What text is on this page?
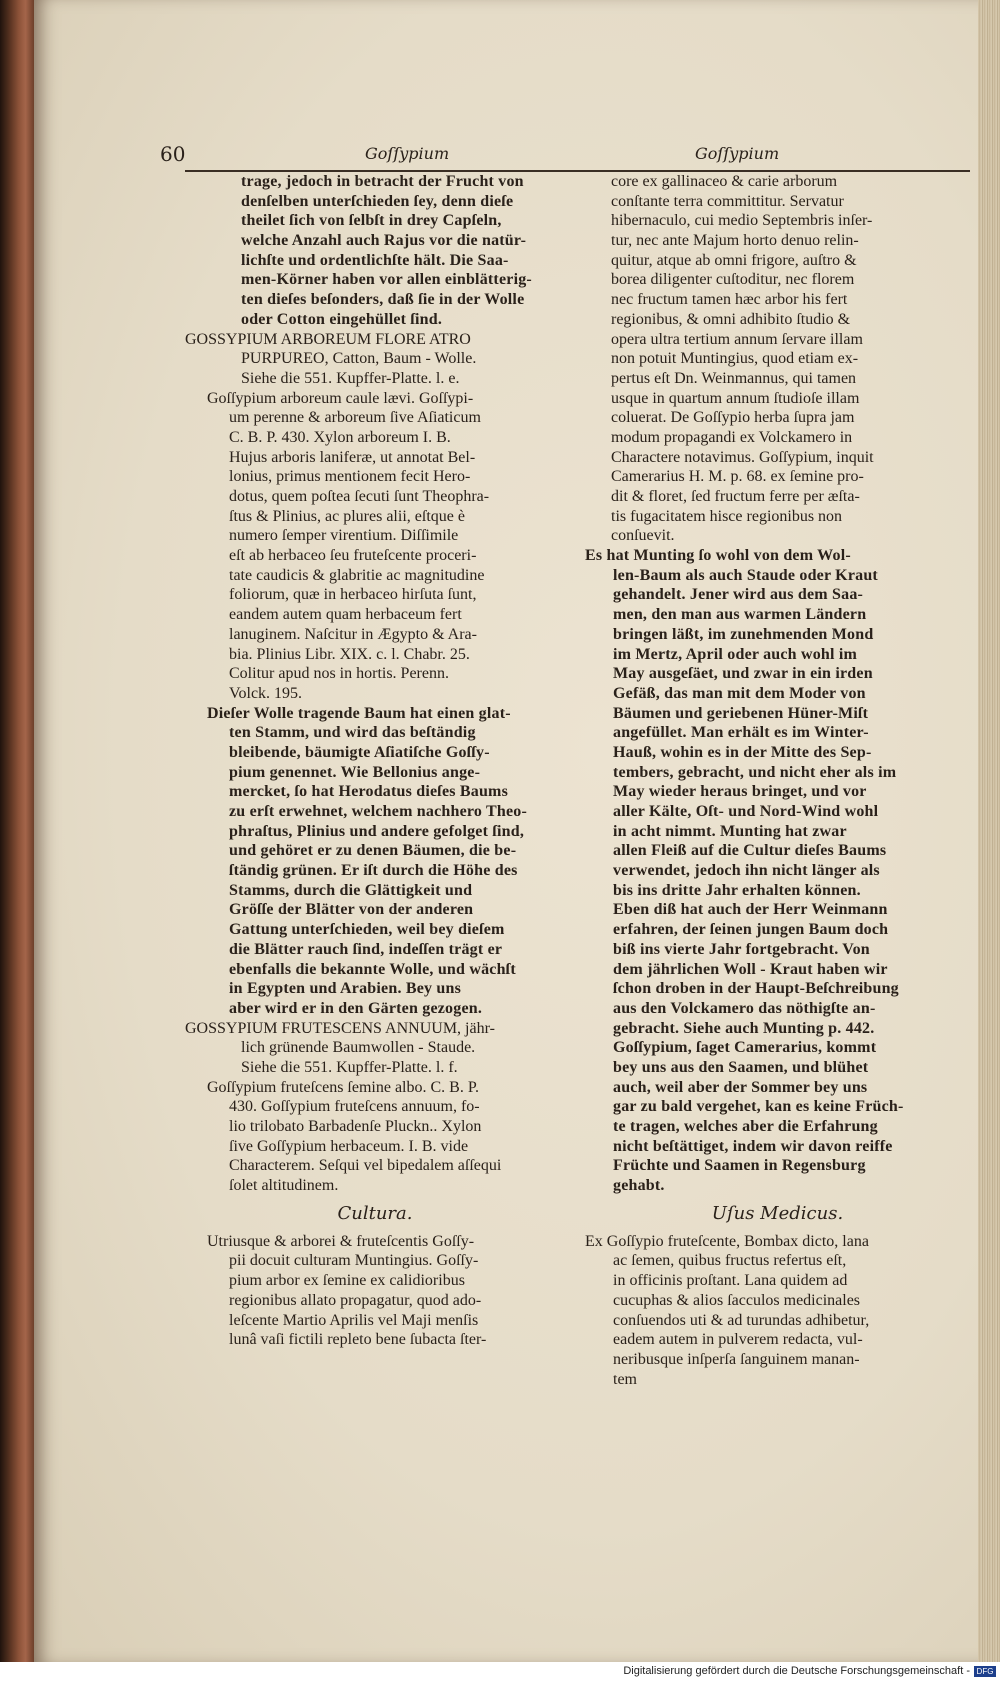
60	Goſſypium	Goſſypium
trage, jedoch in betracht der Frucht von
denſelben unterſchieden ſey, denn dieſe
theilet ſich von ſelbſt in drey Capſeln,
welche Anzahl auch Rajus vor die natür-
lichſte und ordentlichſte hält. Die Saa-
men-Körner haben vor allen einblätterig-
ten dieſes beſonders, daß ſie in der Wolle
oder Cotton eingehüllet ſind.
GOSSYPIUM ARBOREUM FLORE ATRO
PURPUREO, Catton, Baum - Wolle.
Siehe die 551. Kupffer-Platte. l. e.
Goſſypium arboreum caule lævi. Goſſypi-
um perenne & arboreum ſive Aſiaticum
C. B. P. 430. Xylon arboreum I. B.
Hujus arboris laniferæ, ut annotat Bel-
lonius, primus mentionem fecit Hero-
dotus, quem poſtea ſecuti ſunt Theophra-
ſtus & Plinius, ac plures alii, eſtque è
numero ſemper virentium. Diſſimile
eſt ab herbaceo ſeu fruteſcente proceri-
tate caudicis & glabritie ac magnitudine
foliorum, quæ in herbaceo hirſuta ſunt,
eandem autem quam herbaceum fert
lanuginem. Naſcitur in Ægypto & Ara-
bia. Plinius Libr. XIX. c. l. Chabr. 25.
Colitur apud nos in hortis. Perenn.
Volck. 195.
Dieſer Wolle tragende Baum hat einen glat-
ten Stamm, und wird das beſtändig
bleibende, bäumigte Aſiatiſche Goſſy-
pium genennet. Wie Bellonius ange-
mercket, ſo hat Herodatus dieſes Baums
zu erſt erwehnet, welchem nachhero Theo-
phraſtus, Plinius und andere gefolget ſind,
und gehöret er zu denen Bäumen, die be-
ſtändig grünen. Er iſt durch die Höhe des
Stamms, durch die Glättigkeit und
Gröſſe der Blätter von der anderen
Gattung unterſchieden, weil bey dieſem
die Blätter rauch ſind, indeſſen trägt er
ebenfalls die bekannte Wolle, und wächſt
in Egypten und Arabien. Bey uns
aber wird er in den Gärten gezogen.
GOSSYPIUM FRUTESCENS ANNUUM, jähr-
lich grünende Baumwollen - Staude.
Siehe die 551. Kupffer-Platte. l. f.
Goſſypium fruteſcens ſemine albo. C. B. P.
430. Goſſypium fruteſcens annuum, fo-
lio trilobato Barbadenſe Pluckn.. Xylon
ſive Goſſypium herbaceum. I. B. vide
Characterem. Seſqui vel bipedalem aſſequi
ſolet altitudinem.
Cultura.
Utriusque & arborei & fruteſcentis Goſſy-
pii docuit culturam Muntingius. Goſſy-
pium arbor ex ſemine ex calidioribus
regionibus allato propagatur, quod ado-
leſcente Martio Aprilis vel Maji menſis
lunâ vaſi fictili repleto bene ſubacta ſter-
core ex gallinaceo & carie arborum
conſtante terra committitur. Servatur
hibernaculo, cui medio Septembris inſer-
tur, nec ante Majum horto denuo relin-
quitur, atque ab omni frigore, auſtro &
borea diligenter cuſtoditur, nec florem
nec fructum tamen hæc arbor his fert
regionibus, & omni adhibito ſtudio &
opera ultra tertium annum ſervare illam
non potuit Muntingius, quod etiam ex-
pertus eſt Dn. Weinmannus, qui tamen
usque in quartum annum ſtudioſe illam
coluerat. De Goſſypio herba ſupra jam
modum propagandi ex Volckamero in
Charactere notavimus. Goſſypium, inquit
Camerarius H. M. p. 68. ex ſemine pro-
dit & floret, ſed fructum ferre per æſta-
tis fugacitatem hisce regionibus non
conſuevit.
Es hat Munting ſo wohl von dem Wol-
len-Baum als auch Staude oder Kraut
gehandelt. Jener wird aus dem Saa-
men, den man aus warmen Ländern
bringen läßt, im zunehmenden Mond
im Mertz, April oder auch wohl im
May ausgeſäet, und zwar in ein irden
Gefäß, das man mit dem Moder von
Bäumen und geriebenen Hüner-Miſt
angefüllet. Man erhält es im Winter-
Hauß, wohin es in der Mitte des Sep-
tembers, gebracht, und nicht eher als im
May wieder heraus bringet, und vor
aller Kälte, Oſt- und Nord-Wind wohl
in acht nimmt. Munting hat zwar
allen Fleiß auf die Cultur dieſes Baums
verwendet, jedoch ihn nicht länger als
bis ins dritte Jahr erhalten können.
Eben diß hat auch der Herr Weinmann
erfahren, der ſeinen jungen Baum doch
biß ins vierte Jahr fortgebracht. Von
dem jährlichen Woll - Kraut haben wir
ſchon droben in der Haupt-Beſchreibung
aus den Volckamero das nöthigſte an-
gebracht. Siehe auch Munting p. 442.
Goſſypium, ſaget Camerarius, kommt
bey uns aus den Saamen, und blühet
auch, weil aber der Sommer bey uns
gar zu bald vergehet, kan es keine Früch-
te tragen, welches aber die Erfahrung
nicht beſtättiget, indem wir davon reiffe
Früchte und Saamen in Regensburg
gehabt.
Uſus Medicus.
Ex Goſſypio fruteſcente, Bombax dicto, lana
ac ſemen, quibus fructus refertus eſt,
in officinis proſtant. Lana quidem ad
cucuphas & alios ſacculos medicinales
conſuendos uti & ad turundas adhibetur,
eadem autem in pulverem redacta, vul-
neribusque inſperſa ſanguinem manan-
tem
Digitalisierung gefördert durch die Deutsche Forschungsgemeinschaft - DFG
